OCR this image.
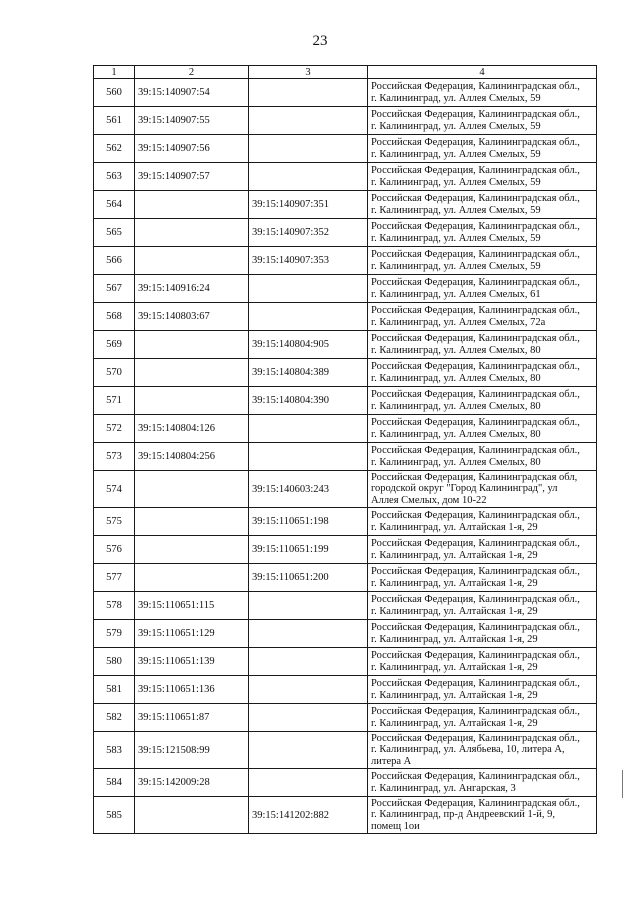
23
1	2	3	4
560	39:15:140907:54		Российская Федерация, Калининградская обл.,
г. Калининград, ул. Аллея Смелых, 59

561	39:15:140907:55		Российская Федерация, Калининградская обл.,
г. Калининград, ул. Аллея Смелых, 59

562	39:15:140907:56		Российская Федерация, Калининградская обл.,
г. Калининград, ул. Аллея Смелых, 59

563	39:15:140907:57		Российская Федерация, Калининградская обл.,
г. Калининград, ул. Аллея Смелых, 59

564		39:15:140907:351	Российская Федерация, Калининградская обл.,
г. Калининград, ул. Аллея Смелых, 59

565		39:15:140907:352	Российская Федерация, Калининградская обл.,
г. Калининград, ул. Аллея Смелых, 59

566		39:15:140907:353	Российская Федерация, Калининградская обл.,
г. Калининград, ул. Аллея Смелых, 59

567	39:15:140916:24		Российская Федерация, Калининградская обл.,
г. Калининград, ул. Аллея Смелых, 61

568	39:15:140803:67		Российская Федерация, Калининградская обл.,
г. Калининград, ул. Аллея Смелых, 72а

569		39:15:140804:905	Российская Федерация, Калининградская обл.,
г. Калининград, ул. Аллея Смелых, 80

570		39:15:140804:389	Российская Федерация, Калининградская обл.,
г. Калининград, ул. Аллея Смелых, 80

571		39:15:140804:390	Российская Федерация, Калининградская обл.,
г. Калининград, ул. Аллея Смелых, 80

572	39:15:140804:126		Российская Федерация, Калининградская обл.,
г. Калининград, ул. Аллея Смелых, 80

573	39:15:140804:256		Российская Федерация, Калининградская обл.,
г. Калининград, ул. Аллея Смелых, 80

574		39:15:140603:243	Российская Федерация, Калининградская обл,
городской округ "Город Калининград", ул
Аллея Смелых, дом 10-22

575		39:15:110651:198	Российская Федерация, Калининградская обл.,
г. Калининград, ул. Алтайская 1-я, 29

576		39:15:110651:199	Российская Федерация, Калининградская обл.,
г. Калининград, ул. Алтайская 1-я, 29

577		39:15:110651:200	Российская Федерация, Калининградская обл.,
г. Калининград, ул. Алтайская 1-я, 29

578	39:15:110651:115		Российская Федерация, Калининградская обл.,
г. Калининград, ул. Алтайская 1-я, 29

579	39:15:110651:129		Российская Федерация, Калининградская обл.,
г. Калининград, ул. Алтайская 1-я, 29

580	39:15:110651:139		Российская Федерация, Калининградская обл.,
г. Калининград, ул. Алтайская 1-я, 29

581	39:15:110651:136		Российская Федерация, Калининградская обл.,
г. Калининград, ул. Алтайская 1-я, 29

582	39:15:110651:87		Российская Федерация, Калининградская обл.,
г. Калининград, ул. Алтайская 1-я, 29

583	39:15:121508:99		Российская Федерация, Калининградская обл.,
г. Калининград, ул. Алябьева, 10, литера А,
литера А

584	39:15:142009:28		Российская Федерация, Калининградская обл.,
г. Калининград, ул. Ангарская, 3

585		39:15:141202:882	Российская Федерация, Калининградская обл.,
г. Калининград, пр-д Андреевский 1-й, 9,
помещ 1ои
